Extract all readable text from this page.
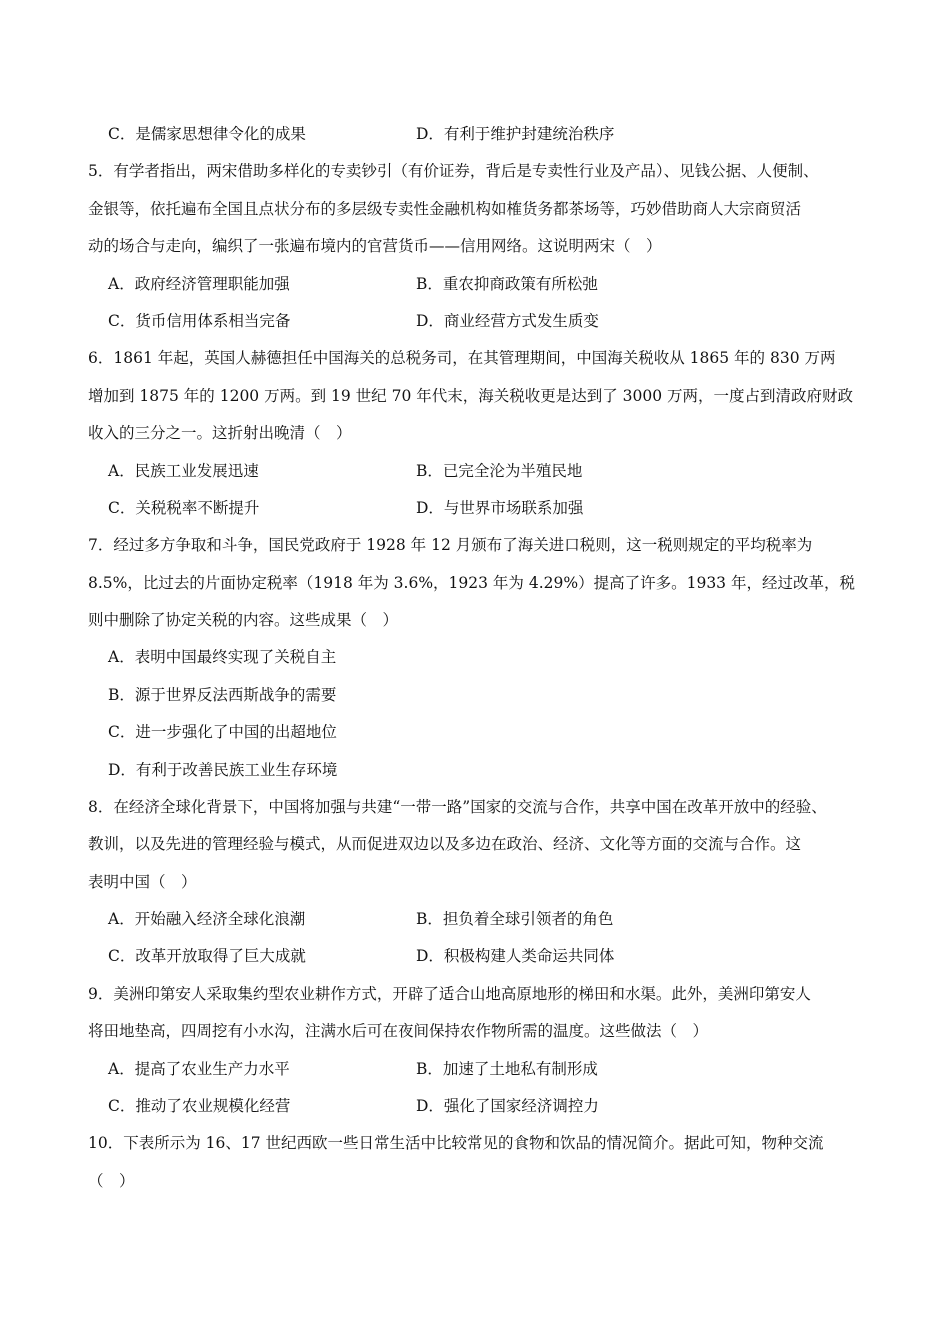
C．是儒家思想律令化的成果	D．有利于维护封建统治秩序
5．有学者指出，两宋借助多样化的专卖钞引（有价证券，背后是专卖性行业及产品）、见钱公据、人便制、
金银等，依托遍布全国且点状分布的多层级专卖性金融机构如榷货务都茶场等，巧妙借助商人大宗商贸活
动的场合与走向，编织了一张遍布境内的官营货币——信用网络。这说明两宋（　）
A．政府经济管理职能加强	B．重农抑商政策有所松弛
C．货币信用体系相当完备	D．商业经营方式发生质变
6．1861 年起，英国人赫德担任中国海关的总税务司，在其管理期间，中国海关税收从 1865 年的 830 万两
增加到 1875 年的 1200 万两。到 19 世纪 70 年代末，海关税收更是达到了 3000 万两，一度占到清政府财政
收入的三分之一。这折射出晚清（　）
A．民族工业发展迅速	B．已完全沦为半殖民地
C．关税税率不断提升	D．与世界市场联系加强
7．经过多方争取和斗争，国民党政府于 1928 年 12 月颁布了海关进口税则，这一税则规定的平均税率为
8.5%，比过去的片面协定税率（1918 年为 3.6%，1923 年为 4.29%）提高了许多。1933 年，经过改革，税
则中删除了协定关税的内容。这些成果（　）
A．表明中国最终实现了关税自主
B．源于世界反法西斯战争的需要
C．进一步强化了中国的出超地位
D．有利于改善民族工业生存环境
8．在经济全球化背景下，中国将加强与共建“一带一路”国家的交流与合作，共享中国在改革开放中的经验、
教训，以及先进的管理经验与模式，从而促进双边以及多边在政治、经济、文化等方面的交流与合作。这
表明中国（　）
A．开始融入经济全球化浪潮	B．担负着全球引领者的角色
C．改革开放取得了巨大成就	D．积极构建人类命运共同体
9．美洲印第安人采取集约型农业耕作方式，开辟了适合山地高原地形的梯田和水渠。此外，美洲印第安人
将田地垫高，四周挖有小水沟，注满水后可在夜间保持农作物所需的温度。这些做法（　）
A．提高了农业生产力水平	B．加速了土地私有制形成
C．推动了农业规模化经营	D．强化了国家经济调控力
10．下表所示为 16、17 世纪西欧一些日常生活中比较常见的食物和饮品的情况简介。据此可知，物种交流
（　）
